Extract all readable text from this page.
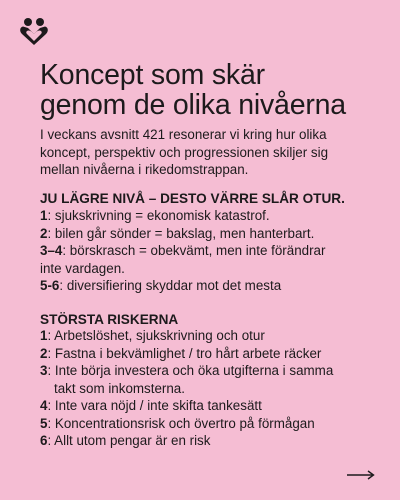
Koncept som skär
genom de olika nivåerna

I veckans avsnitt 421 resonerar vi kring hur olika
koncept, perspektiv och progressionen skiljer sig
mellan nivåerna i rikedomstrappan.

JU LÄGRE NIVÅ – DESTO VÄRRE SLÅR OTUR.
1: sjukskrivning = ekonomisk katastrof.
2: bilen går sönder = bakslag, men hanterbart.
3–4: börskrasch = obekvämt, men inte förändrar
inte vardagen.
5-6: diversifiering skyddar mot det mesta
STÖRSTA RISKERNA
1: Arbetslöshet, sjukskrivning och otur
2: Fastna i bekvämlighet / tro hårt arbete räcker
3: Inte börja investera och öka utgifterna i samma
takt som inkomsterna.
4: Inte vara nöjd / inte skifta tankesätt
5: Koncentrationsrisk och övertro på förmågan
6: Allt utom pengar är en risk
